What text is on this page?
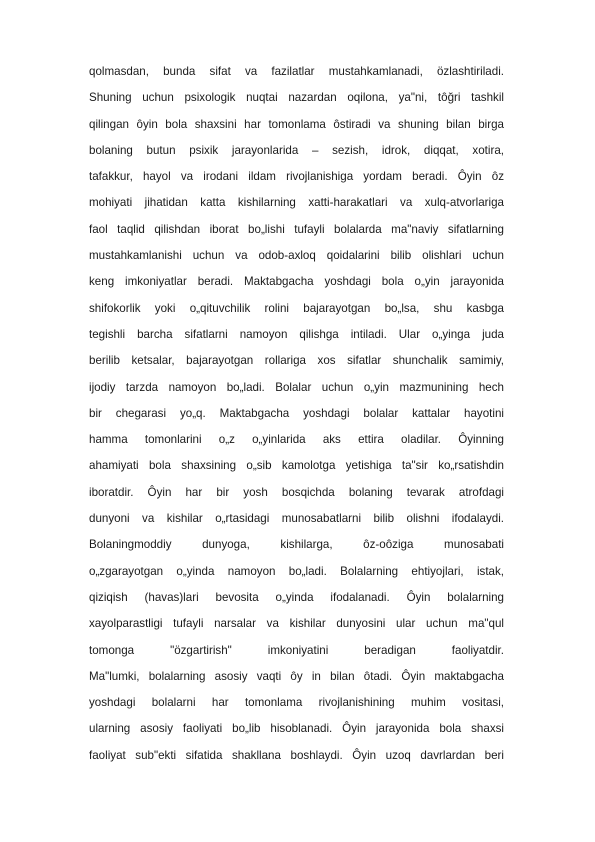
qolmasdan, bunda sifat va fazilatlar mustahkamlanadi, özlashtiriladi.
Shuning uchun psixologik nuqtai nazardan oqilona, ya"ni, tôğri tashkil
qilingan ôyin bola shaxsini har tomonlama ôstiradi va shuning bilan birga
bolaning butun psixik jarayonlarida – sezish, idrok, diqqat, xotira,
tafakkur, hayol va irodani ildam rivojlanishiga yordam beradi. Ôyin ôz
mohiyati jihatidan katta kishilarning xatti-harakatlari va xulq-atvorlariga
faol taqlid qilishdan iborat bo„lishi tufayli bolalarda ma"naviy sifatlarning
mustahkamlanishi uchun va odob-axloq qoidalarini bilib olishlari uchun
keng imkoniyatlar beradi. Maktabgacha yoshdagi bola o„yin jarayonida
shifokorlik yoki o„qituvchilik rolini bajarayotgan bo„lsa, shu kasbga
tegishli barcha sifatlarni namoyon qilishga intiladi. Ular o„yinga juda
berilib ketsalar, bajarayotgan rollariga xos sifatlar shunchalik samimiy,
ijodiy tarzda namoyon bo„ladi. Bolalar uchun o„yin mazmunining hech
bir chegarasi yo„q. Maktabgacha yoshdagi bolalar kattalar hayotini
hamma tomonlarini o„z o„yinlarida aks ettira oladilar. Ôyinning
ahamiyati bola shaxsining o„sib kamolotga yetishiga ta"sir ko„rsatishdin
iboratdir. Ôyin har bir yosh bosqichda bolaning tevarak atrofdagi
dunyoni va kishilar o„rtasidagi munosabatlarni bilib olishni ifodalaydi.
Bolaningmoddiy dunyoga, kishilarga, ôz-oôziga munosabati
o„zgarayotgan o„yinda namoyon bo„ladi. Bolalarning ehtiyojlari, istak,
qiziqish (havas)lari bevosita o„yinda ifodalanadi. Ôyin bolalarning
xayolparastligi tufayli narsalar va kishilar dunyosini ular uchun ma"qul
tomonga "özgartirish" imkoniyatini beradigan faoliyatdir.
Ma"lumki, bolalarning asosiy vaqti ôy in bilan ôtadi. Ôyin maktabgacha
yoshdagi bolalarni har tomonlama rivojlanishining muhim vositasi,
ularning asosiy faoliyati bo„lib hisoblanadi. Ôyin jarayonida bola shaxsi
faoliyat sub"ekti sifatida shakllana boshlaydi. Ôyin uzoq davrlardan beri
